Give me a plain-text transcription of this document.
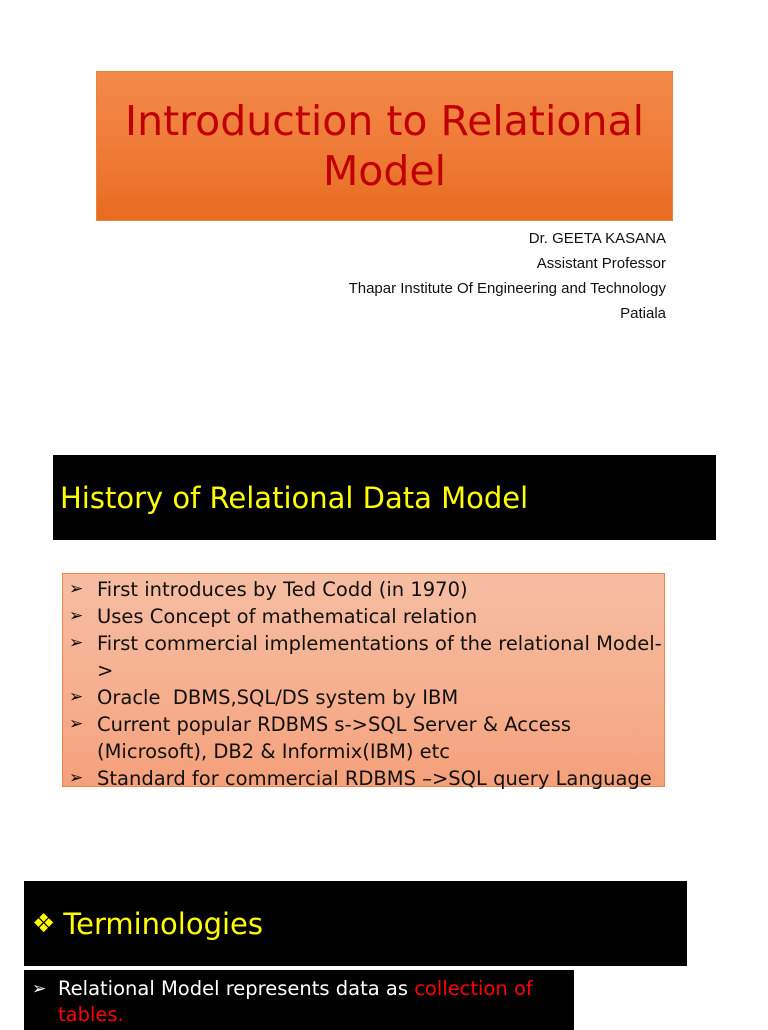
Introduction to Relational Model
Dr. GEETA KASANA
Assistant Professor
Thapar Institute Of Engineering and Technology
Patiala
History of Relational Data Model
➢ First introduces by Ted Codd (in 1970)
➢ Uses Concept of mathematical relation
➢ First commercial implementations of the relational Model->
➢ Oracle  DBMS,SQL/DS system by IBM
➢ Current popular RDBMS s->SQL Server & Access (Microsoft), DB2 & Informix(IBM) etc
➢ Standard for commercial RDBMS –>SQL query Language
❖ Terminologies
➢ Relational Model represents data as collection of tables.
